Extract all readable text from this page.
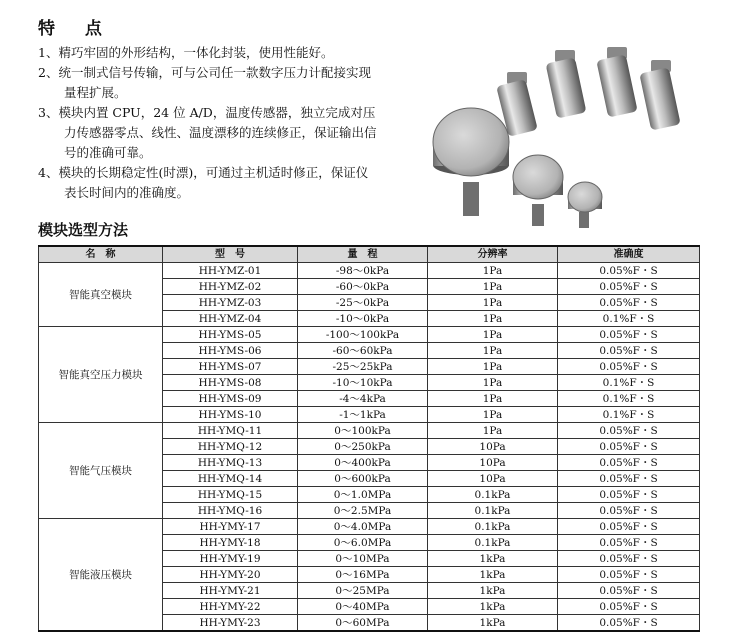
特 点
1、精巧牢固的外形结构，一体化封装，使用性能好。
2、统一制式信号传输，可与公司任一款数字压力计配接实现
量程扩展。
3、模块内置 CPU，24 位 A/D，温度传感器，独立完成对压
力传感器零点、线性、温度漂移的连续修正，保证输出信
号的准确可靠。
4、模块的长期稳定性(时漂)，可通过主机适时修正，保证仪
表长时间内的准确度。
模块选型方法
名　称	型　号	量　程	分辨率	准确度
智能真空模块	HH-YMZ-01	-98～0kPa	1Pa	0.05%F・S
	HH-YMZ-02	-60～0kPa	1Pa	0.05%F・S
	HH-YMZ-03	-25～0kPa	1Pa	0.05%F・S
	HH-YMZ-04	-10～0kPa	1Pa	0.1%F・S
智能真空压力模块	HH-YMS-05	-100～100kPa	1Pa	0.05%F・S
	HH-YMS-06	-60～60kPa	1Pa	0.05%F・S
	HH-YMS-07	-25～25kPa	1Pa	0.05%F・S
	HH-YMS-08	-10～10kPa	1Pa	0.1%F・S
	HH-YMS-09	-4～4kPa	1Pa	0.1%F・S
	HH-YMS-10	-1～1kPa	1Pa	0.1%F・S
智能气压模块	HH-YMQ-11	0～100kPa	1Pa	0.05%F・S
	HH-YMQ-12	0～250kPa	10Pa	0.05%F・S
	HH-YMQ-13	0～400kPa	10Pa	0.05%F・S
	HH-YMQ-14	0～600kPa	10Pa	0.05%F・S
	HH-YMQ-15	0～1.0MPa	0.1kPa	0.05%F・S
	HH-YMQ-16	0～2.5MPa	0.1kPa	0.05%F・S
智能液压模块	HH-YMY-17	0～4.0MPa	0.1kPa	0.05%F・S
	HH-YMY-18	0～6.0MPa	0.1kPa	0.05%F・S
	HH-YMY-19	0～10MPa	1kPa	0.05%F・S
	HH-YMY-20	0～16MPa	1kPa	0.05%F・S
	HH-YMY-21	0～25MPa	1kPa	0.05%F・S
	HH-YMY-22	0～40MPa	1kPa	0.05%F・S
	HH-YMY-23	0～60MPa	1kPa	0.05%F・S
